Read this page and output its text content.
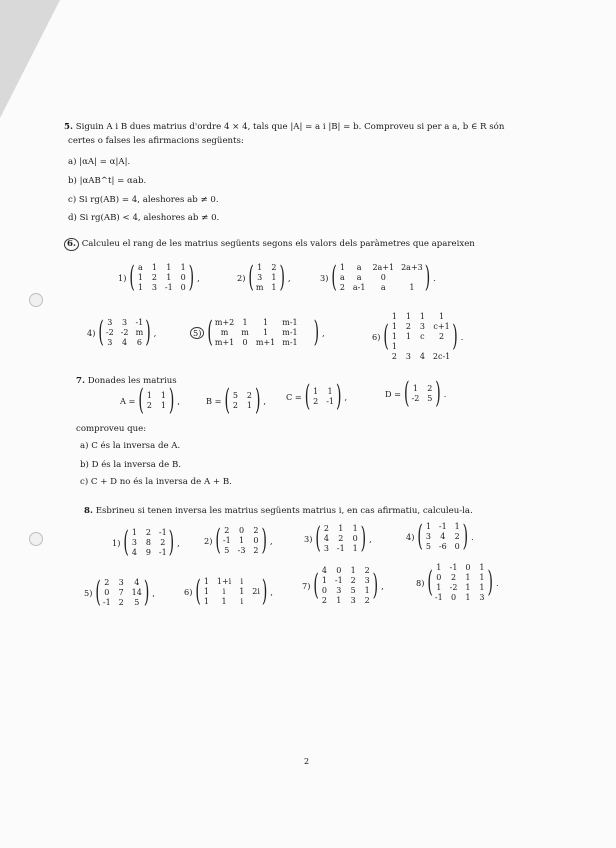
5. Siguin A i B dues matrius d'ordre 4 × 4, tals que |A| = a i |B| = b. Comproveu si per a a, b ∈ R són
certes o falses les afirmacions següents:
a) |αA| = α|A|.
b) |αAB^t| = αab.
c) Si rg(AB) = 4, aleshores ab ≠ 0.
d) Si rg(AB) < 4, aleshores ab ≠ 0.
6. Calculeu el rang de les matrius següents segons els valors dels paràmetres que apareixen
1) ( a 1 1 1
1 2 1 0
1 3 -1 0 ) ,	2) ( 1 2
3 1
m 1 ) ,	3) ( 1	a	2a+1 2a+3
a	a	0
2 a-1	a	1 ) .
4) ( 3 3 -1
-2 -2 m
3 4 6 ) ,	5) ( m+2 1	1	m-1
m	m	1	m-1
m+1 0 m+1 m-1 ) ,	6) (
1 1 1	1
1 2 3 c+1
1 1 c	2
1
2 3 4 2c-1
) .
7. Donades les matrius
A = ( 1 1
2 1 ) ,	B = ( 5 2
2 1 ) , C = ( 1 1
2 -1 ) ,	D = ( 1 2
-2 5 ) .
comproveu que:
a) C és la inversa de A.
b) D és la inversa de B.
c) C + D no és la inversa de A + B.
8. Esbrineu si tenen inversa les matrius següents matrius i, en cas afirmatiu, calculeu-la.
1) ( 1 2 -1
3 8 2
4 9 -1 ) ,	2) ( 2 0 2
-1 1 0
5 -3 2 ) ,	3) ( 2 1 1
4 2 0
3 -1 1 ) ,	4) ( 1 -1 1
3 4 2
5 -6 0 ) .
5) ( 2 3	4
0 7 14
-1 2	5 ) ,	6) ( 1 1+i i
1	i	1 2i
1	1	i ) ,
7) ( 4 0 1 2
1 -1 2 3
0 3 5 1
2 1 3 2 ) ,	8) ( 1 -1 0 1
0 2 1 1
1 -2 1 1
-1 0 1 3 ) .
2
